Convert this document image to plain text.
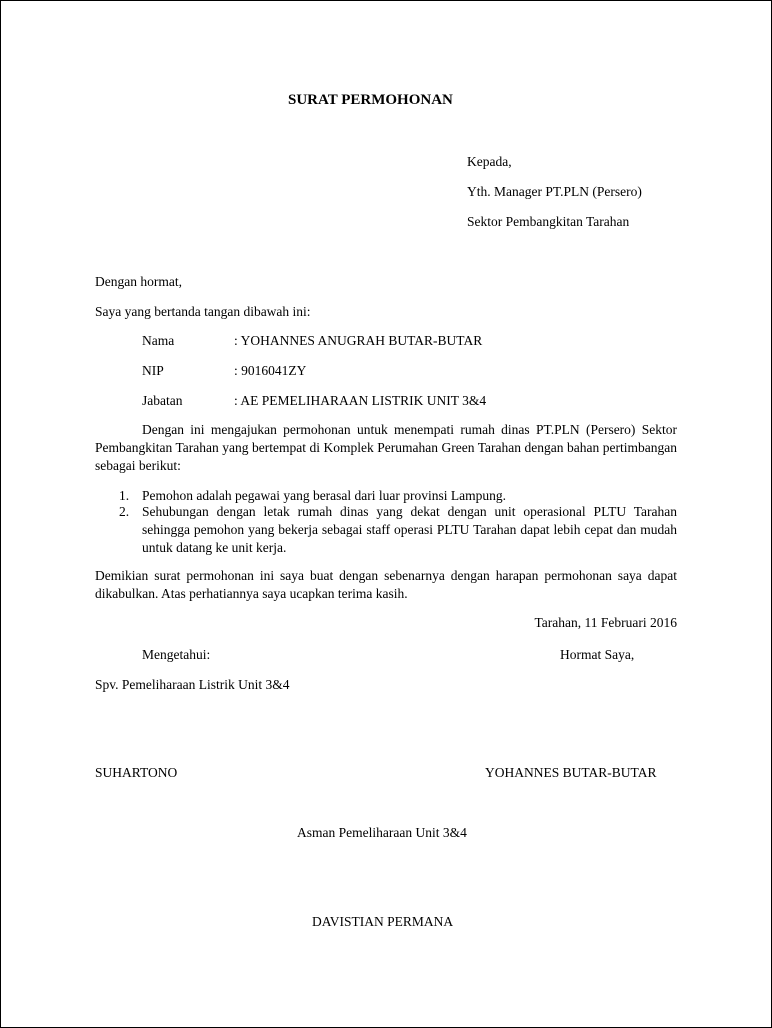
SURAT PERMOHONAN
Kepada,
Yth. Manager PT.PLN (Persero)
Sektor Pembangkitan Tarahan
Dengan hormat,
Saya yang bertanda tangan dibawah ini:
Nama	: YOHANNES ANUGRAH BUTAR-BUTAR
NIP	: 9016041ZY
Jabatan	: AE PEMELIHARAAN LISTRIK UNIT 3&4
Dengan ini mengajukan permohonan untuk menempati rumah dinas PT.PLN (Persero) Sektor Pembangkitan Tarahan yang bertempat di Komplek Perumahan Green Tarahan dengan bahan pertimbangan sebagai berikut:
1. Pemohon adalah pegawai yang berasal dari luar provinsi Lampung.
2. Sehubungan dengan letak rumah dinas yang dekat dengan unit operasional PLTU Tarahan sehingga pemohon yang bekerja sebagai staff operasi PLTU Tarahan dapat lebih cepat dan mudah untuk datang ke unit kerja.
Demikian surat permohonan ini saya buat dengan sebenarnya dengan harapan permohonan saya dapat dikabulkan. Atas perhatiannya saya ucapkan terima kasih.
Tarahan, 11 Februari 2016
Mengetahui:	Hormat Saya,
Spv. Pemeliharaan Listrik Unit 3&4
SUHARTONO	YOHANNES BUTAR-BUTAR
Asman Pemeliharaan Unit 3&4
DAVISTIAN PERMANA
